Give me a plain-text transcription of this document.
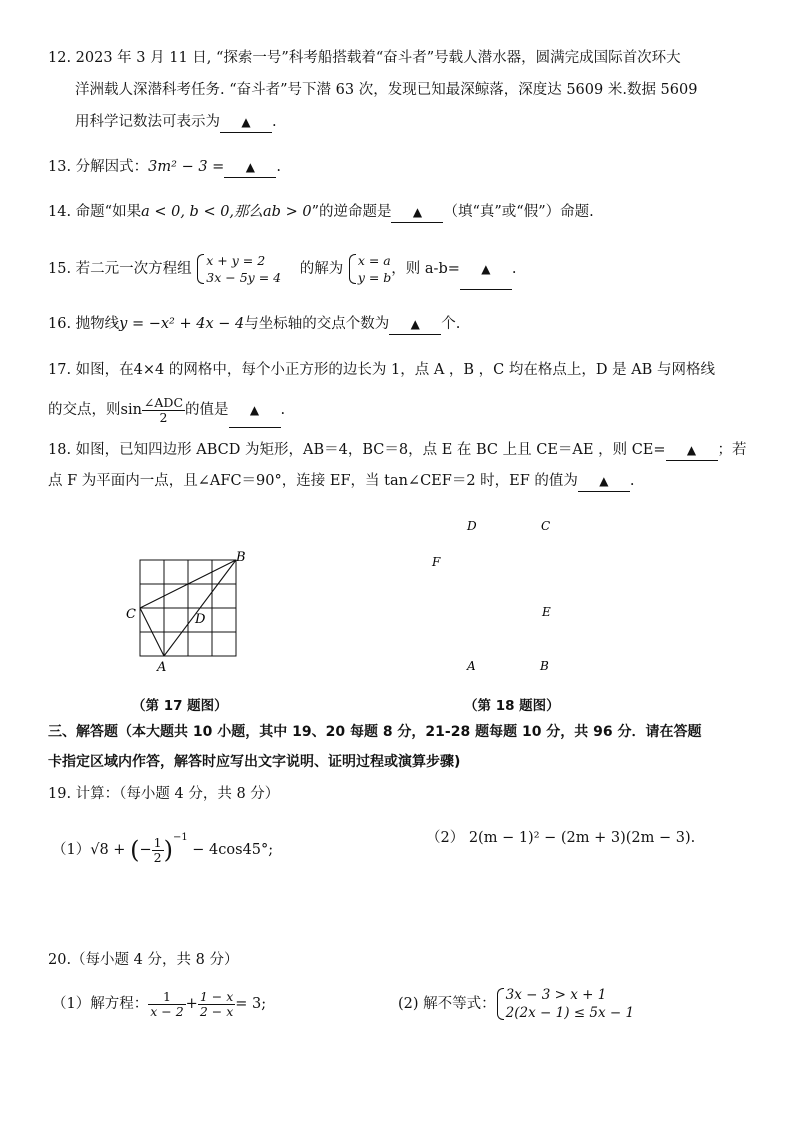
12. 2023 年 3 月 11 日, “探索一号”科考船搭载着“奋斗者”号载人潜水器，圆满完成国际首次环大
洋洲载人深潜科考任务. “奋斗者”号下潜 63 次，发现已知最深鲸落，深度达 5609 米.数据 5609
用科学记数法可表示为 ▲ .
13. 分解因式：3m² − 3 = ▲ .
14. 命题“如果a < 0, b < 0,那么ab > 0”的逆命题是 ▲ （填“真”或“假”）命题.
15. 若二元一次方程组
x + y = 2
3x − 5y = 4
的解为
x = a
y = b
，则 a-b= ▲ .
16. 抛物线y = −x² + 4x − 4与坐标轴的交点个数为 ▲ 个.
17. 如图，在4×4 的网格中，每个小正方形的边长为 1，点 A ，B ，C 均在格点上，D 是 AB 与网格线
的交点，则$\sin \frac{\text{∠ADC}}{2}$ 的值是 ▲ .
18. 如图，已知四边形 ABCD 为矩形，AB＝4，BC＝8，点 E 在 BC 上且 CE＝AE ，则 CE= ▲ ；若
点 F 为平面内一点，且∠AFC＝90°，连接 EF，当 tan∠CEF＝2 时，EF 的值为 ▲ .
B
C	D
A
（第 17 题图）
D	C
F
E
A	B
（第 18 题图）
三、解答题（本大题共 10 小题，其中 19、20 每题 8 分，21-28 题每题 10 分，共 96 分．请在答题
卡指定区域内作答，解答时应写出文字说明、证明过程或演算步骤)
19. 计算：（每小题 4 分，共 8 分）
（1）√8 + (− $\frac{1}{2} )^{-1} - 4\cos 45^\circ$;
（2） 2(m − 1)² − (2m + 3)(2m − 3).
20.（每小题 4 分，共 8 分）
（1）解方程： $\frac{1}{x - 2} + \frac{1 - x}{2 - x} = 3$;	(2) 解不等式：
3x − 3 > x + 1
2(2x − 1) ≤ 5x − 1
